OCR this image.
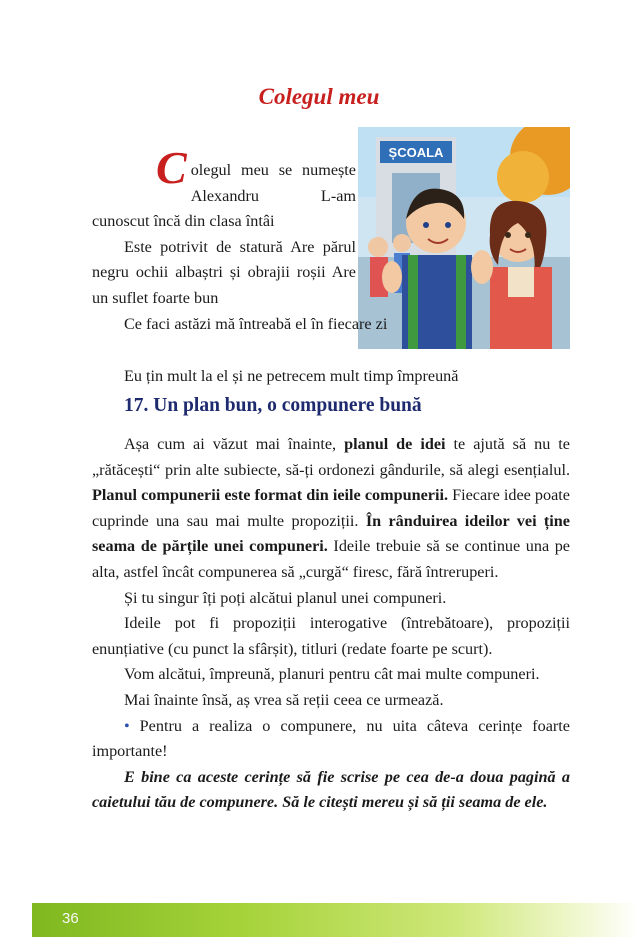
Colegul meu
ȘCOALA

C olegul meu se numește Alexandru L-am cunoscut încă din clasa întâi

Este potrivit de statură Are părul negru ochii albaștri și obrajii roșii Are un suflet foarte bun

Ce faci astăzi mă întreabă el în fiecare zi

Eu țin mult la el și ne petrecem mult timp împreună

17. Un plan bun, o compunere bună

Așa cum ai văzut mai înainte, planul de idei te ajută să nu te „rătăcești“ prin alte subiecte, să-ți ordonezi gândurile, să alegi esențialul. Planul compunerii este format din ieile compunerii. Fiecare idee poate cuprinde una sau mai multe propoziții. În rânduirea ideilor vei ține seama de părțile unei compuneri. Ideile trebuie să se continue una pe alta, astfel încât compunerea să „curgă“ firesc, fără întreruperi.

Și tu singur îți poți alcătui planul unei compuneri.

Ideile pot fi propoziții interogative (întrebătoare), propoziții enunțiative (cu punct la sfârșit), titluri (redate foarte pe scurt).

Vom alcătui, împreună, planuri pentru cât mai multe compuneri.

Mai înainte însă, aș vrea să reții ceea ce urmează.

• Pentru a realiza o compunere, nu uita câteva cerințe foarte importante!

E bine ca aceste cerințe să fie scrise pe cea de-a doua pagină a caietului tău de compunere. Să le citești mereu și să ții seama de ele.

36
